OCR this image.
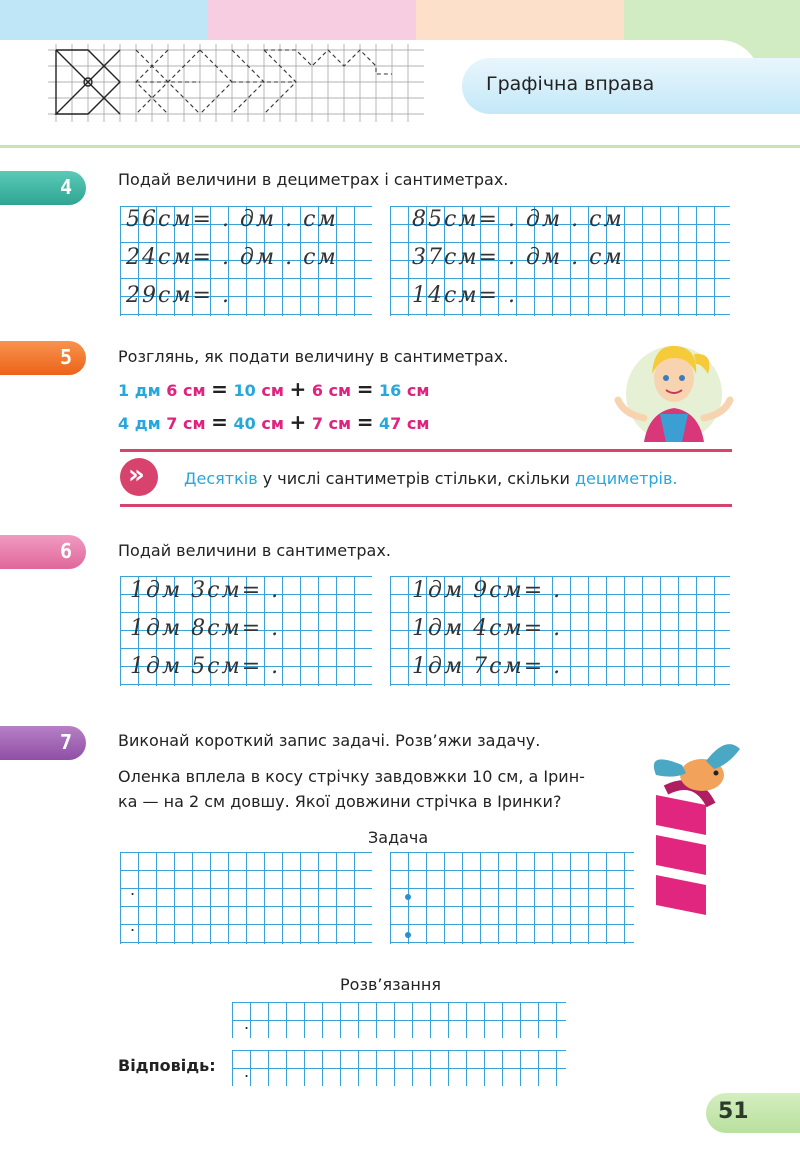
Графічна вправа
4	Подай величини в дециметрах і сантиметрах.
56см= . дм . см
24см= . дм . см
29см= .
85см= . дм . см
37см= . дм . см
14см= .
5	Розглянь, як подати величину в сантиметрах.
1 дм 6 см = 10 см + 6 см = 16 см
4 дм 7 см = 40 см + 7 см = 47 см
» Десятків у числі сантиметрів стільки, скільки дециметрів.
6	Подай величини в сантиметрах.
1дм 3см= .
1дм 8см= .
1дм 5см= .
1дм 9см= .
1дм 4см= .
1дм 7см= .
7	Виконай короткий запис задачі. Розв’яжи задачу.
Оленка вплела в косу стрічку завдовжки 10 см, а Ірин-
ка — на 2 см довшу. Якої довжини стрічка в Іринки?
Задача
.
.
Розв’язання
.
Відповідь: .
51
